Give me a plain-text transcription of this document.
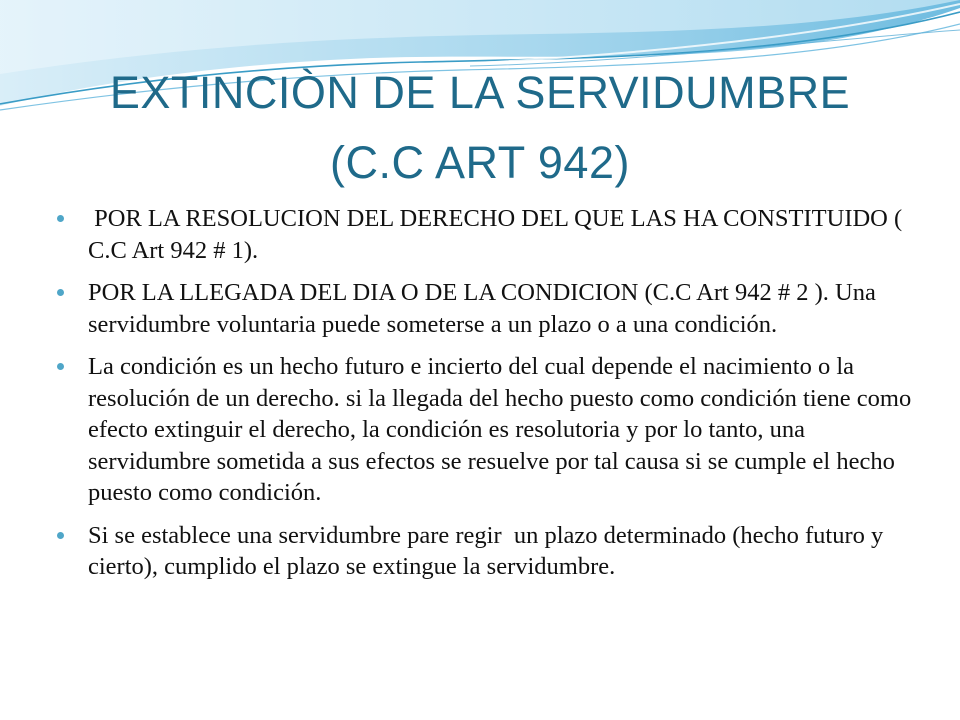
EXTINCIÒN DE LA SERVIDUMBRE
(C.C ART 942)
POR LA RESOLUCION DEL DERECHO DEL QUE LAS HA CONSTITUIDO ( C.C Art 942 # 1).
POR LA LLEGADA DEL DIA O DE LA CONDICION (C.C Art 942 # 2 ). Una servidumbre voluntaria puede someterse a un plazo o a una condición.
La condición es un hecho futuro e incierto del cual depende el nacimiento o la resolución de un derecho. si la llegada del hecho puesto como condición tiene como efecto extinguir el derecho, la condición es resolutoria y por lo tanto, una servidumbre sometida a sus efectos se resuelve por tal causa si se cumple el hecho puesto como condición.
Si se establece una servidumbre pare regir  un plazo determinado (hecho futuro y cierto), cumplido el plazo se extingue la servidumbre.
